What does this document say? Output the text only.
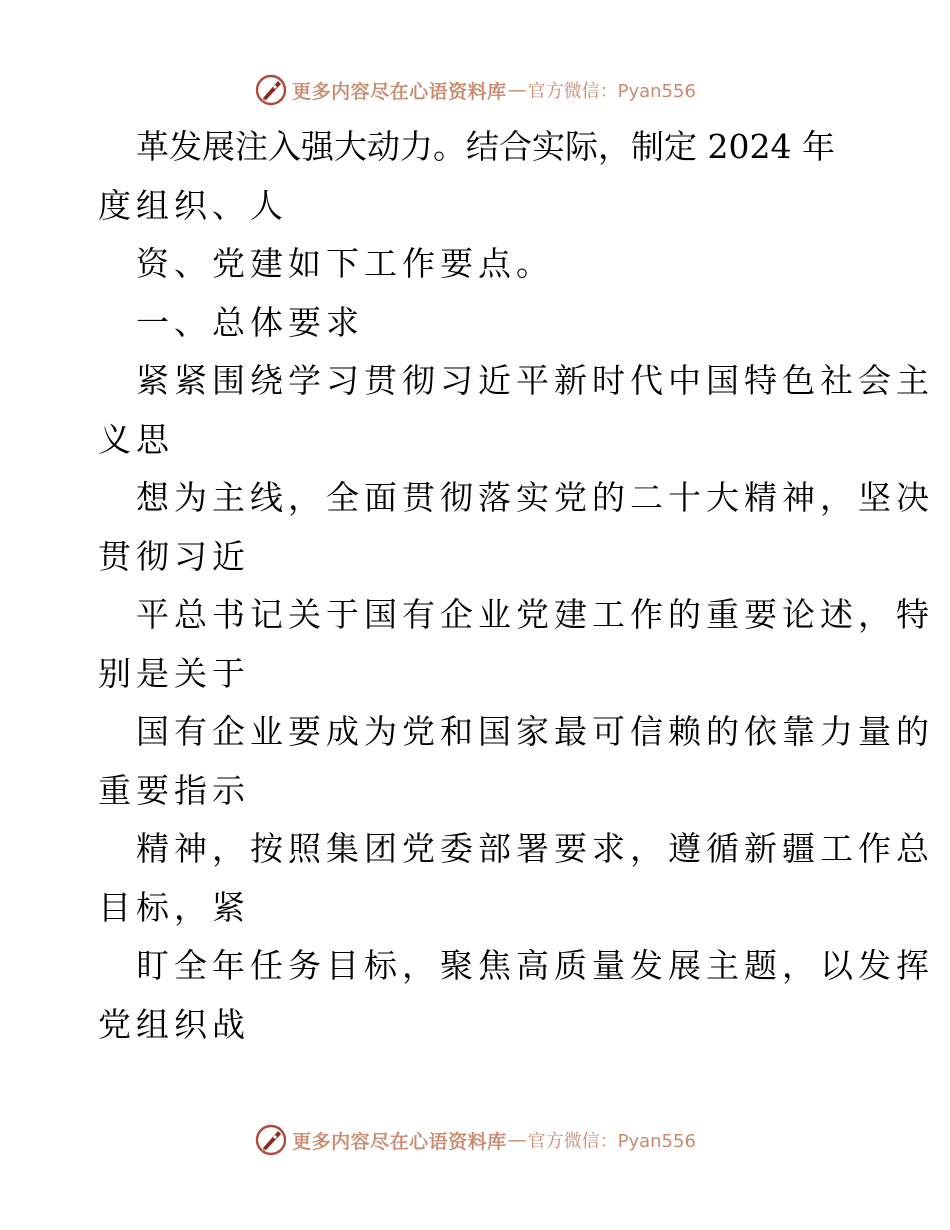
更多内容尽在心语资料库 — 官方微信：Pyan556
革发展注入强大动力。结合实际，制定 2024 年
度组织、人
资、党建如下工作要点。
一、总体要求
紧紧围绕学习贯彻习近平新时代中国特色社会主
义思
想为主线，全面贯彻落实党的二十大精神，坚决
贯彻习近
平总书记关于国有企业党建工作的重要论述，特
别是关于
国有企业要成为党和国家最可信赖的依靠力量的
重要指示
精神，按照集团党委部署要求，遵循新疆工作总
目标，紧
盯全年任务目标，聚焦高质量发展主题，以发挥
党组织战
更多内容尽在心语资料库 — 官方微信：Pyan556
